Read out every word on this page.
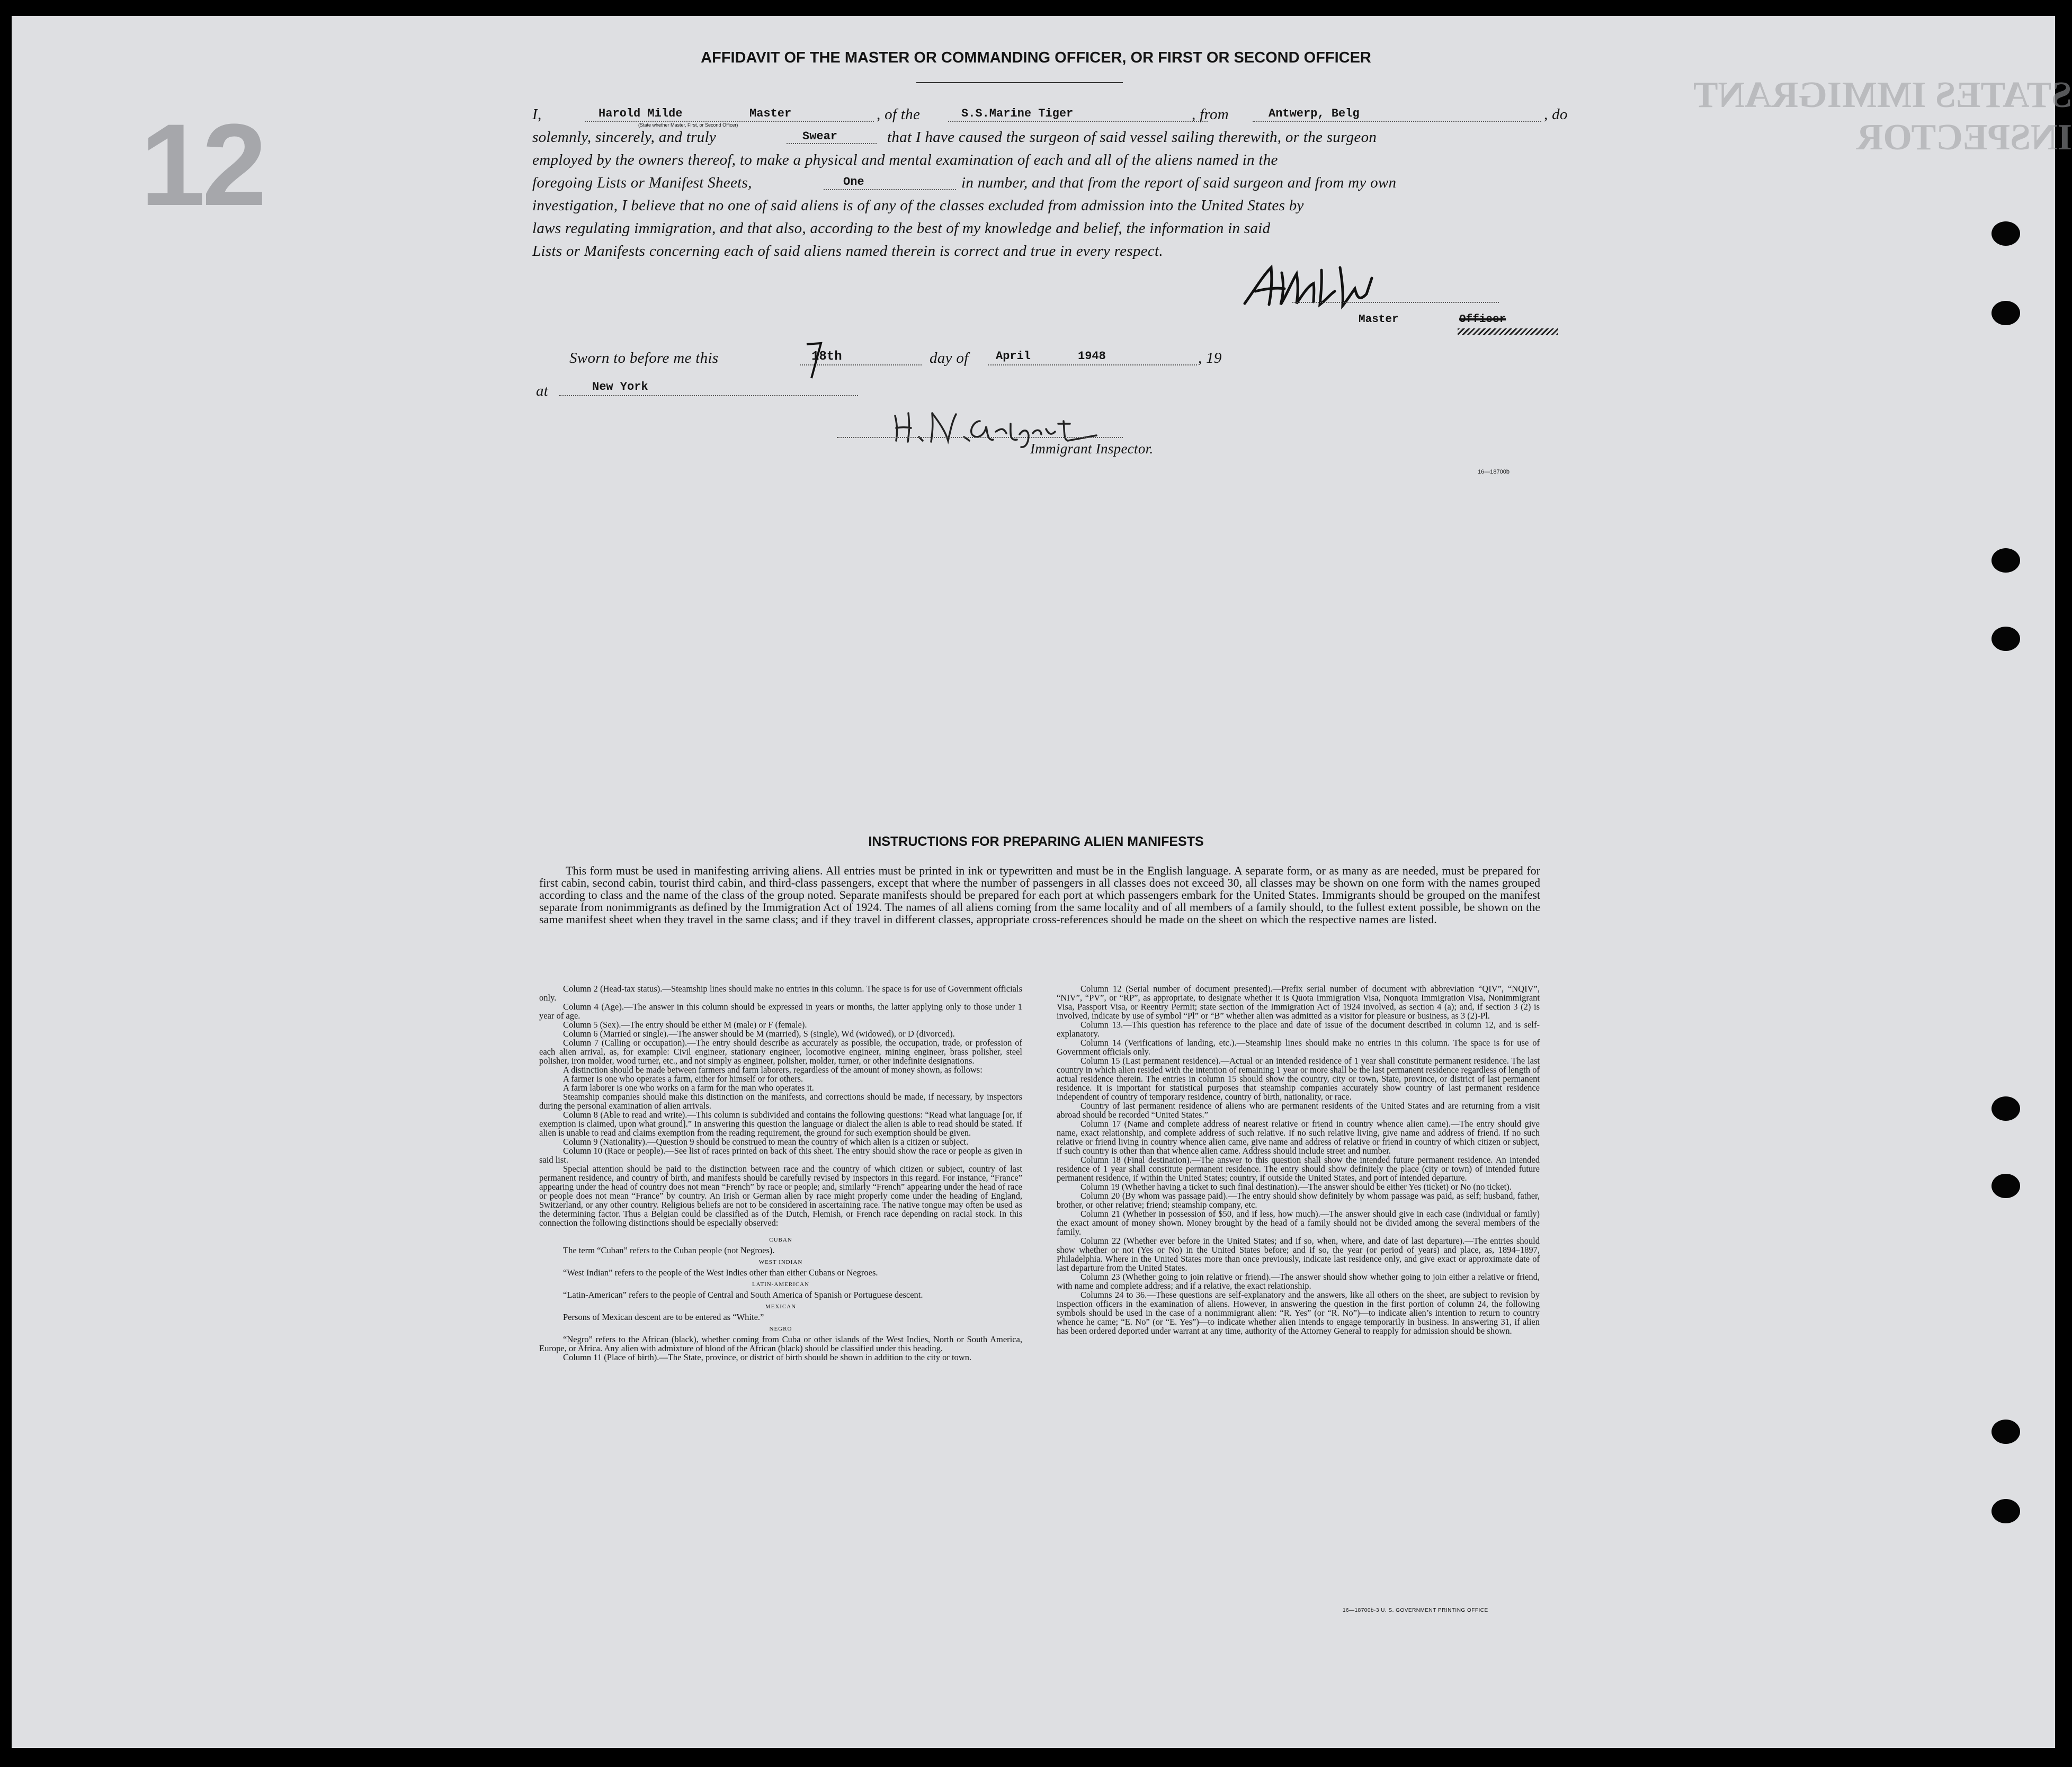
12
STATES IMMIGRANT INSPECTOR
AFFIDAVIT OF THE MASTER OR COMMANDING OFFICER, OR FIRST OR SECOND OFFICER
I,	Harold Milde	Master
(State whether Master, First, or Second Officer)
, of the	S.S.Marine Tiger	, from	Antwerp, Belg	, do
solemnly, sincerely, and truly	Swear	that I have caused the surgeon of said vessel sailing therewith, or the surgeon
employed by the owners thereof, to make a physical and mental examination of each and all of the aliens named in the
foregoing Lists or Manifest Sheets,	One	in number, and that from the report of said surgeon and from my own
investigation, I believe that no one of said aliens is of any of the classes excluded from admission into the United States by
laws regulating immigration, and that also, according to the best of my knowledge and belief, the information in said
Lists or Manifests concerning each of said aliens named therein is correct and true in every respect.
Master	Officer
Sworn to before me this	18th	day of April	1948	, 19
at	New York
Immigrant Inspector.
16—18700b
INSTRUCTIONS FOR PREPARING ALIEN MANIFESTS
This form must be used in manifesting arriving aliens. All entries must be printed in ink or typewritten and must be in the English language. A separate form, or as many as are needed, must be prepared for first cabin, second cabin, tourist third cabin, and third-class passengers, except that where the number of passengers in all classes does not exceed 30, all classes may be shown on one form with the names grouped according to class and the name of the class of the group noted. Separate manifests should be prepared for each port at which passengers embark for the United States. Immigrants should be grouped on the manifest separate from nonimmigrants as defined by the Immigration Act of 1924. The names of all aliens coming from the same locality and of all members of a family should, to the fullest extent possible, be shown on the same manifest sheet when they travel in the same class; and if they travel in different classes, appropriate cross-references should be made on the sheet on which the respective names are listed.

Column 2 (Head-tax status).—Steamship lines should make no entries in this column. The space is for use of Government officials only.

Column 4 (Age).—The answer in this column should be expressed in years or months, the latter applying only to those under 1 year of age.

Column 5 (Sex).—The entry should be either M (male) or F (female).

Column 6 (Married or single).—The answer should be M (married), S (single), Wd (widowed), or D (divorced).

Column 7 (Calling or occupation).—The entry should describe as accurately as possible, the occupation, trade, or profession of each alien arrival, as, for example: Civil engineer, stationary engineer, locomotive engineer, mining engineer, brass polisher, steel polisher, iron molder, wood turner, etc., and not simply as engineer, polisher, molder, turner, or other indefinite designations.

A distinction should be made between farmers and farm laborers, regardless of the amount of money shown, as follows:

A farmer is one who operates a farm, either for himself or for others.

A farm laborer is one who works on a farm for the man who operates it.

Steamship companies should make this distinction on the manifests, and corrections should be made, if necessary, by inspectors during the personal examination of alien arrivals.

Column 8 (Able to read and write).—This column is subdivided and contains the following questions: “Read what language [or, if exemption is claimed, upon what ground].” In answering this question the language or dialect the alien is able to read should be stated. If alien is unable to read and claims exemption from the reading requirement, the ground for such exemption should be given.

Column 9 (Nationality).—Question 9 should be construed to mean the country of which alien is a citizen or subject.

Column 10 (Race or people).—See list of races printed on back of this sheet. The entry should show the race or people as given in said list.

Special attention should be paid to the distinction between race and the country of which citizen or subject, country of last permanent residence, and country of birth, and manifests should be carefully revised by inspectors in this regard. For instance, “France” appearing under the head of country does not mean “French” by race or people; and, similarly “French” appearing under the head of race or people does not mean “France” by country. An Irish or German alien by race might properly come under the heading of England, Switzerland, or any other country. Religious beliefs are not to be considered in ascertaining race. The native tongue may often be used as the determining factor. Thus a Belgian could be classified as of the Dutch, Flemish, or French race depending on racial stock. In this connection the following distinctions should be especially observed:

CUBAN

The term “Cuban” refers to the Cuban people (not Negroes).

WEST INDIAN

“West Indian” refers to the people of the West Indies other than either Cubans or Negroes.

LATIN-AMERICAN

“Latin-American” refers to the people of Central and South America of Spanish or Portuguese descent.

MEXICAN

Persons of Mexican descent are to be entered as “White.”

NEGRO

“Negro” refers to the African (black), whether coming from Cuba or other islands of the West Indies, North or South America, Europe, or Africa. Any alien with admixture of blood of the African (black) should be classified under this heading.

Column 11 (Place of birth).—The State, province, or district of birth should be shown in addition to the city or town.

Column 12 (Serial number of document presented).—Prefix serial number of document with abbreviation “QIV”, “NQIV”, “NIV”, “PV”, or “RP”, as appropriate, to designate whether it is Quota Immigration Visa, Nonquota Immigration Visa, Nonimmigrant Visa, Passport Visa, or Reentry Permit; state section of the Immigration Act of 1924 involved, as section 4 (a); and, if section 3 (2) is involved, indicate by use of symbol “Pl” or “B” whether alien was admitted as a visitor for pleasure or business, as 3 (2)-Pl.

Column 13.—This question has reference to the place and date of issue of the document described in column 12, and is self-explanatory.

Column 14 (Verifications of landing, etc.).—Steamship lines should make no entries in this column. The space is for use of Government officials only.

Column 15 (Last permanent residence).—Actual or an intended residence of 1 year shall constitute permanent residence. The last country in which alien resided with the intention of remaining 1 year or more shall be the last permanent residence regardless of length of actual residence therein. The entries in column 15 should show the country, city or town, State, province, or district of last permanent residence. It is important for statistical purposes that steamship companies accurately show country of last permanent residence independent of country of temporary residence, country of birth, nationality, or race.

Country of last permanent residence of aliens who are permanent residents of the United States and are returning from a visit abroad should be recorded “United States.”

Column 17 (Name and complete address of nearest relative or friend in country whence alien came).—The entry should give name, exact relationship, and complete address of such relative. If no such relative living, give name and address of friend. If no such relative or friend living in country whence alien came, give name and address of relative or friend in country of which citizen or subject, if such country is other than that whence alien came. Address should include street and number.

Column 18 (Final destination).—The answer to this question shall show the intended future permanent residence. An intended residence of 1 year shall constitute permanent residence. The entry should show definitely the place (city or town) of intended future permanent residence, if within the United States; country, if outside the United States, and port of intended departure.

Column 19 (Whether having a ticket to such final destination).—The answer should be either Yes (ticket) or No (no ticket).

Column 20 (By whom was passage paid).—The entry should show definitely by whom passage was paid, as self; husband, father, brother, or other relative; friend; steamship company, etc.

Column 21 (Whether in possession of $50, and if less, how much).—The answer should give in each case (individual or family) the exact amount of money shown. Money brought by the head of a family should not be divided among the several members of the family.

Column 22 (Whether ever before in the United States; and if so, when, where, and date of last departure).—The entries should show whether or not (Yes or No) in the United States before; and if so, the year (or period of years) and place, as, 1894–1897, Philadelphia. Where in the United States more than once previously, indicate last residence only, and give exact or approximate date of last departure from the United States.

Column 23 (Whether going to join relative or friend).—The answer should show whether going to join either a relative or friend, with name and complete address; and if a relative, the exact relationship.

Columns 24 to 36.—These questions are self-explanatory and the answers, like all others on the sheet, are subject to revision by inspection officers in the examination of aliens. However, in answering the question in the first portion of column 24, the following symbols should be used in the case of a nonimmigrant alien: “R. Yes” (or “R. No”)—to indicate alien’s intention to return to country whence he came; “E. No” (or “E. Yes”)—to indicate whether alien intends to engage temporarily in business. In answering 31, if alien has been ordered deported under warrant at any time, authority of the Attorney General to reapply for admission should be shown.

16—18700b-3 U. S. GOVERNMENT PRINTING OFFICE
